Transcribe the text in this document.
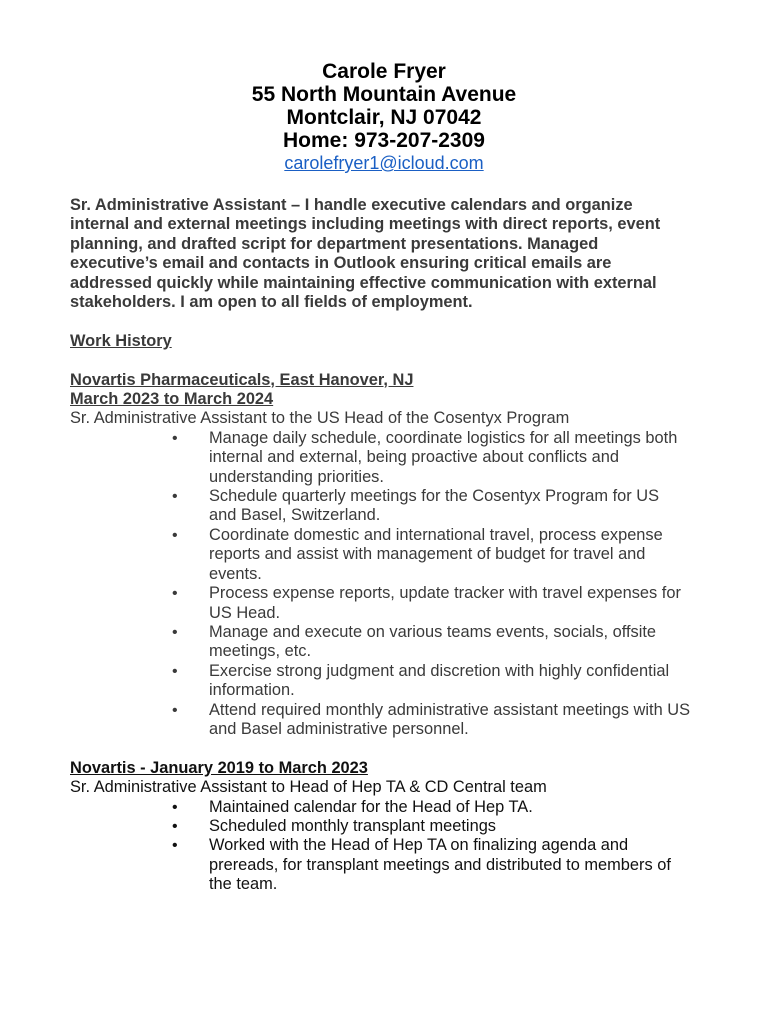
Carole Fryer
55 North Mountain Avenue
Montclair, NJ 07042
Home: 973-207-2309
carolefryer1@icloud.com

Sr. Administrative Assistant – I handle executive calendars and organize internal and external meetings including meetings with direct reports, event planning, and drafted script for department presentations. Managed executive’s email and contacts in Outlook ensuring critical emails are addressed quickly while maintaining effective communication with external stakeholders. I am open to all fields of employment.

Work History

Novartis Pharmaceuticals, East Hanover, NJ

March 2023 to March 2024

Sr. Administrative Assistant to the US Head of the Cosentyx Program

• Manage daily schedule, coordinate logistics for all meetings both internal and external, being proactive about conflicts and understanding priorities.
• Schedule quarterly meetings for the Cosentyx Program for US and Basel, Switzerland.
• Coordinate domestic and international travel, process expense reports and assist with management of budget for travel and events.
• Process expense reports, update tracker with travel expenses for US Head.
• Manage and execute on various teams events, socials, offsite meetings, etc.
• Exercise strong judgment and discretion with highly confidential information.
• Attend required monthly administrative assistant meetings with US and Basel administrative personnel.

Novartis - January 2019 to March 2023

Sr. Administrative Assistant to Head of Hep TA & CD Central team

• Maintained calendar for the Head of Hep TA.
• Scheduled monthly transplant meetings
• Worked with the Head of Hep TA on finalizing agenda and prereads, for transplant meetings and distributed to members of the team.
